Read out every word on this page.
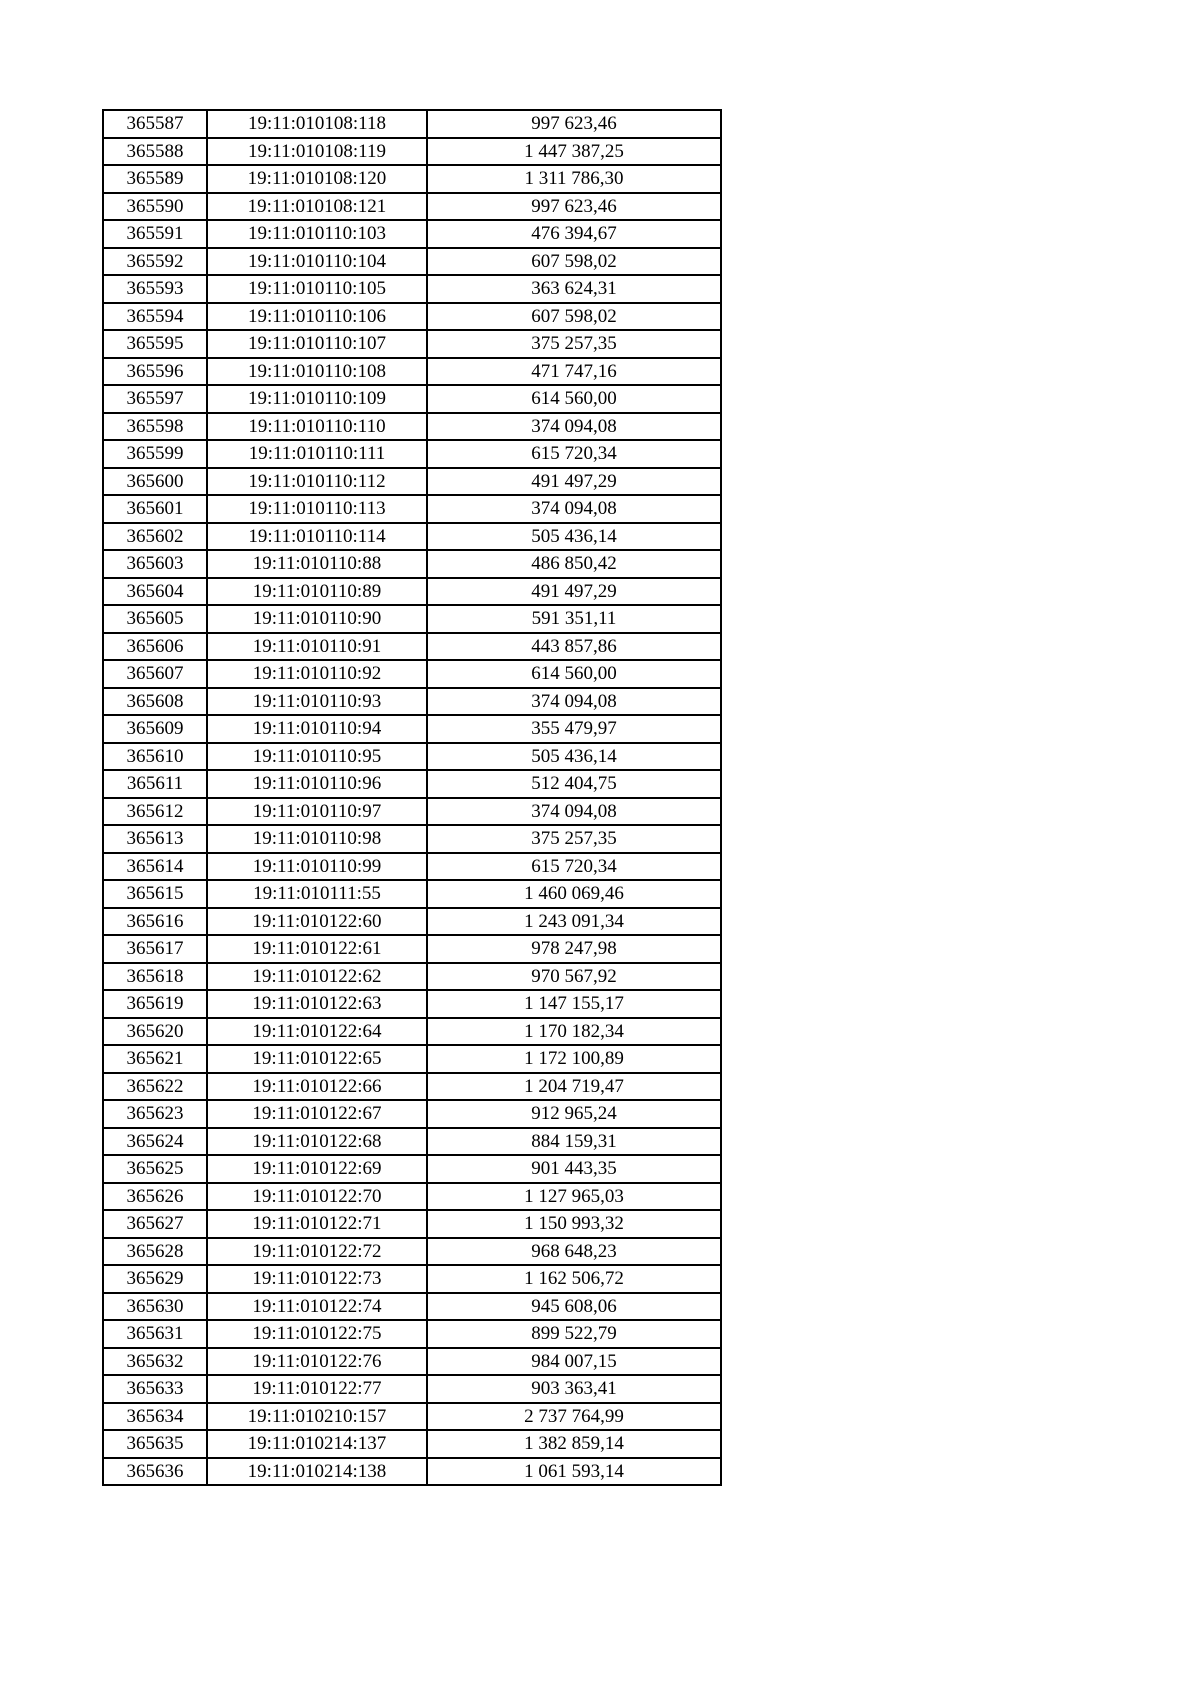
365587	19:11:010108:118	997 623,46
365588	19:11:010108:119	1 447 387,25
365589	19:11:010108:120	1 311 786,30
365590	19:11:010108:121	997 623,46
365591	19:11:010110:103	476 394,67
365592	19:11:010110:104	607 598,02
365593	19:11:010110:105	363 624,31
365594	19:11:010110:106	607 598,02
365595	19:11:010110:107	375 257,35
365596	19:11:010110:108	471 747,16
365597	19:11:010110:109	614 560,00
365598	19:11:010110:110	374 094,08
365599	19:11:010110:111	615 720,34
365600	19:11:010110:112	491 497,29
365601	19:11:010110:113	374 094,08
365602	19:11:010110:114	505 436,14
365603	19:11:010110:88	486 850,42
365604	19:11:010110:89	491 497,29
365605	19:11:010110:90	591 351,11
365606	19:11:010110:91	443 857,86
365607	19:11:010110:92	614 560,00
365608	19:11:010110:93	374 094,08
365609	19:11:010110:94	355 479,97
365610	19:11:010110:95	505 436,14
365611	19:11:010110:96	512 404,75
365612	19:11:010110:97	374 094,08
365613	19:11:010110:98	375 257,35
365614	19:11:010110:99	615 720,34
365615	19:11:010111:55	1 460 069,46
365616	19:11:010122:60	1 243 091,34
365617	19:11:010122:61	978 247,98
365618	19:11:010122:62	970 567,92
365619	19:11:010122:63	1 147 155,17
365620	19:11:010122:64	1 170 182,34
365621	19:11:010122:65	1 172 100,89
365622	19:11:010122:66	1 204 719,47
365623	19:11:010122:67	912 965,24
365624	19:11:010122:68	884 159,31
365625	19:11:010122:69	901 443,35
365626	19:11:010122:70	1 127 965,03
365627	19:11:010122:71	1 150 993,32
365628	19:11:010122:72	968 648,23
365629	19:11:010122:73	1 162 506,72
365630	19:11:010122:74	945 608,06
365631	19:11:010122:75	899 522,79
365632	19:11:010122:76	984 007,15
365633	19:11:010122:77	903 363,41
365634	19:11:010210:157	2 737 764,99
365635	19:11:010214:137	1 382 859,14
365636	19:11:010214:138	1 061 593,14
